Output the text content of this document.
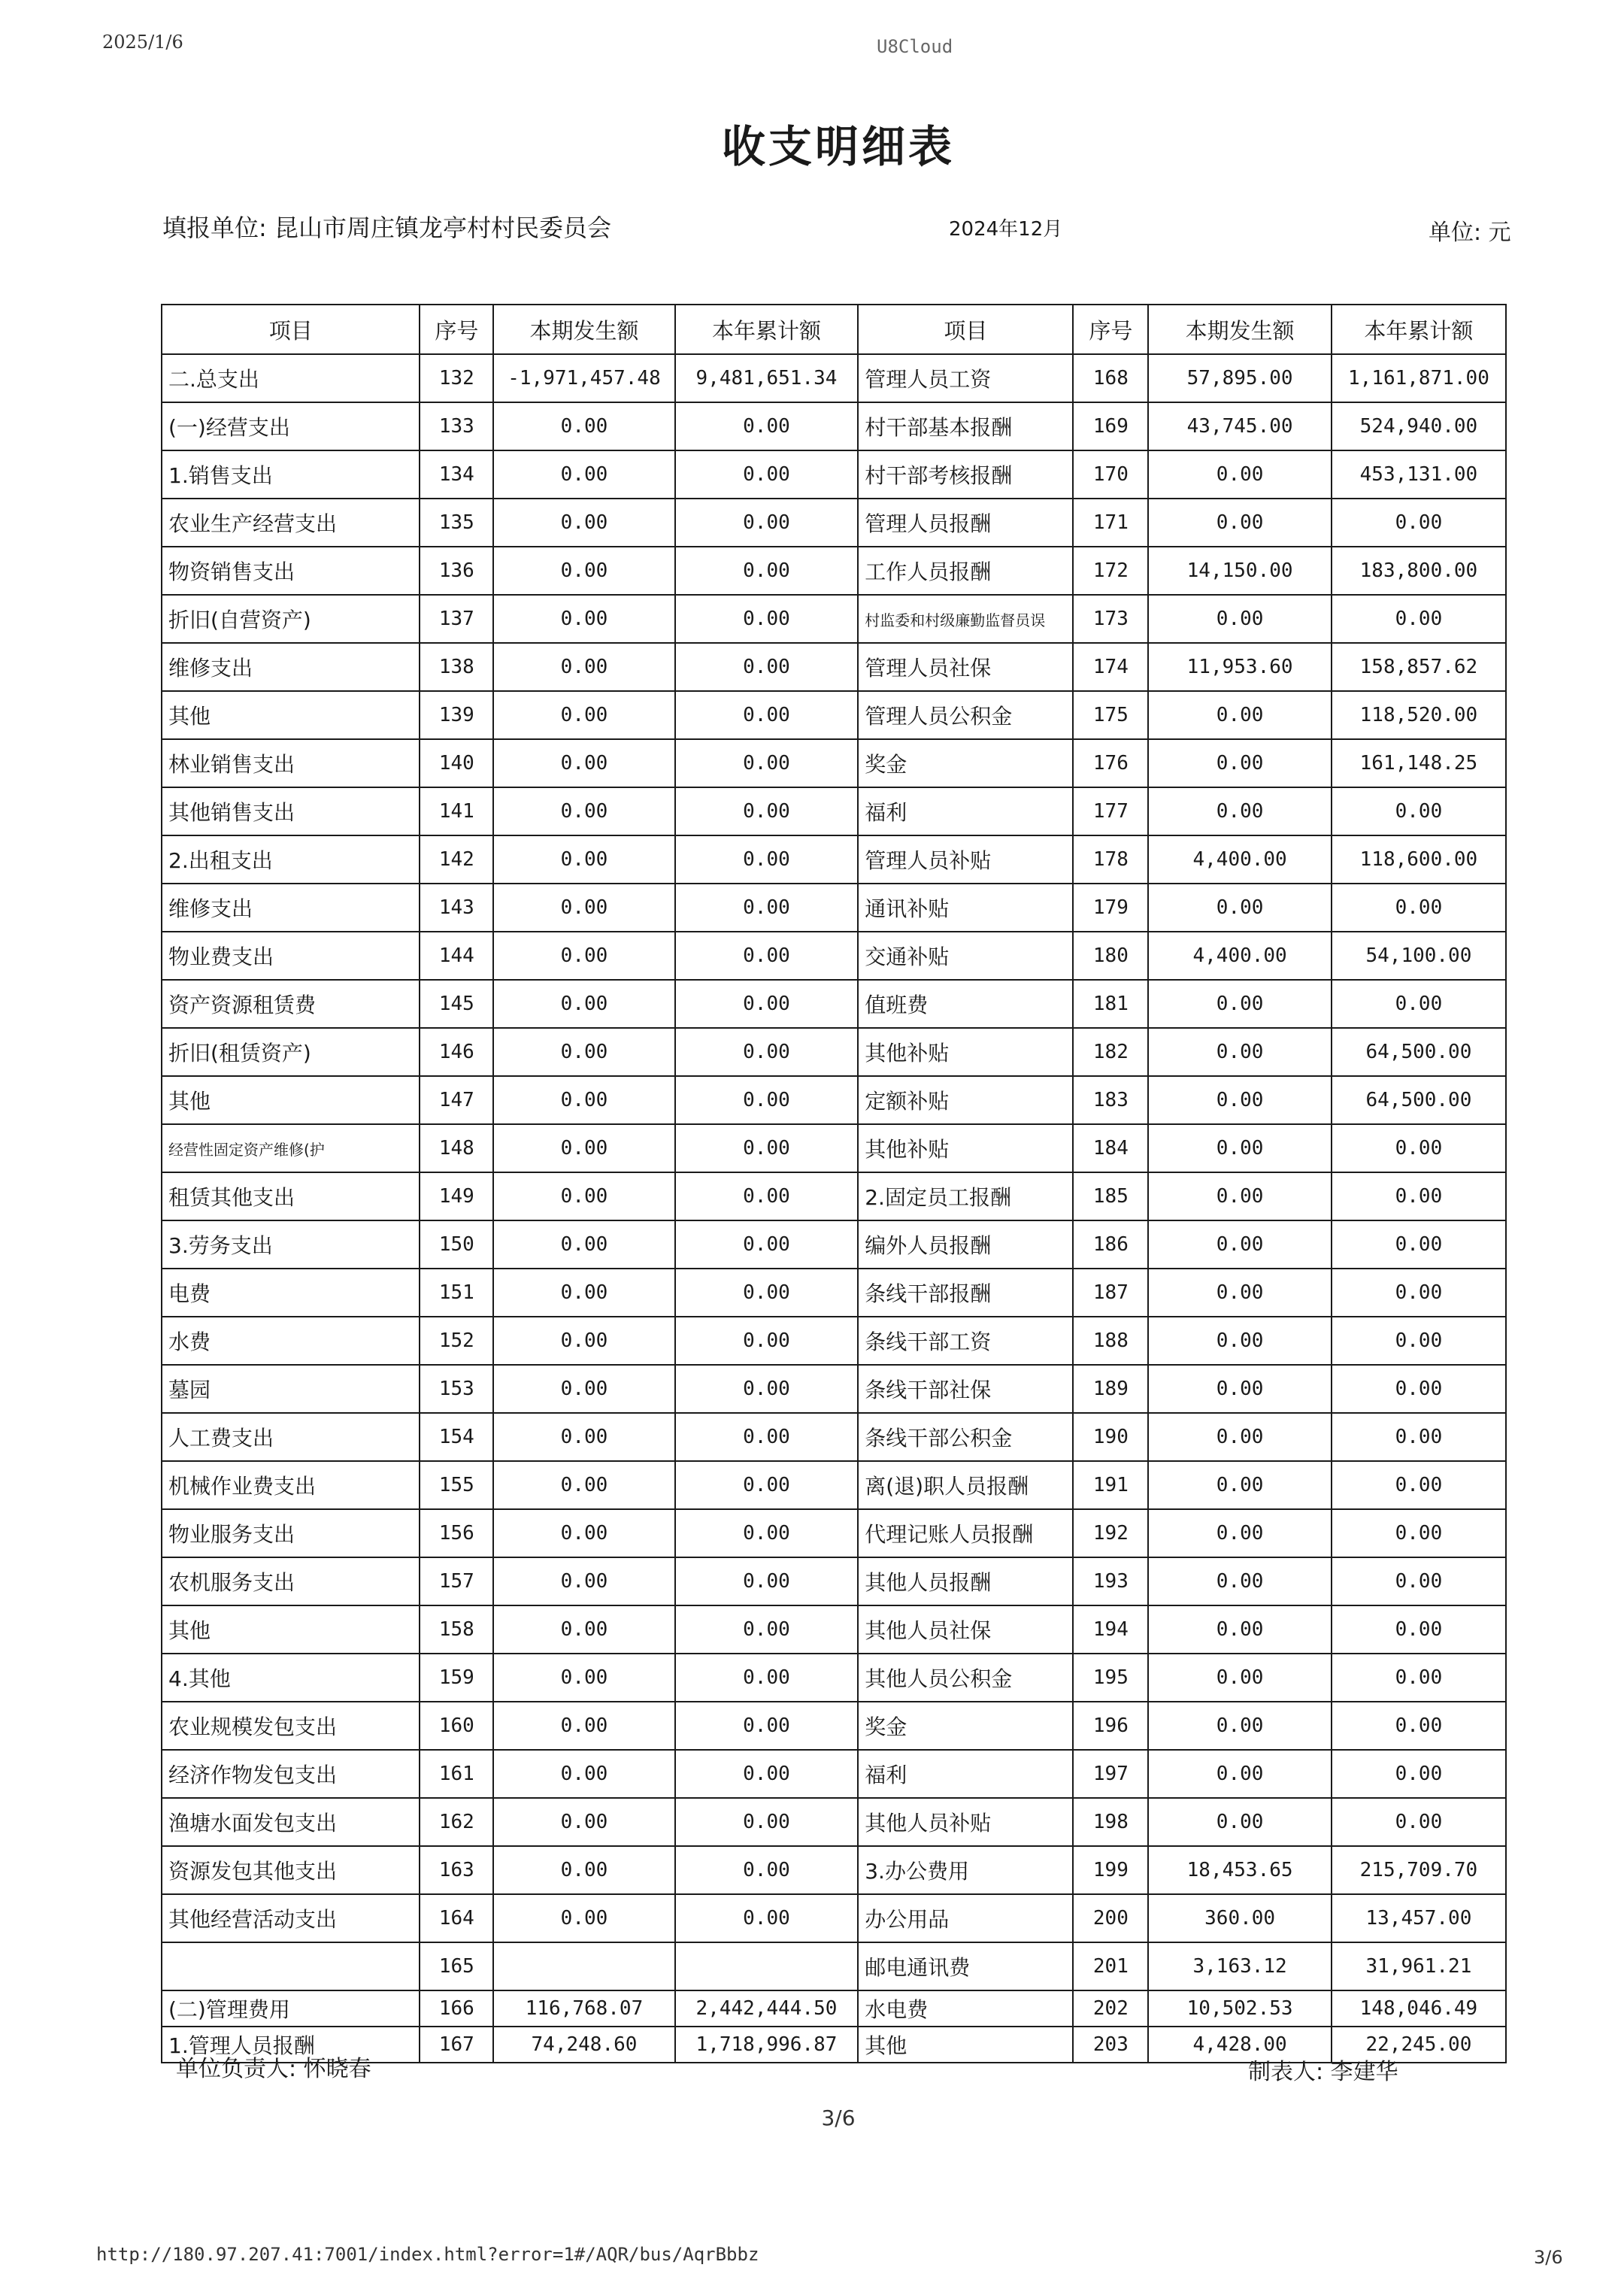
2025/1/6	U8Cloud
收支明细表
填报单位: 昆山市周庄镇龙亭村村民委员会	2024年12月	单位: 元
项目	序号	本期发生额	本年累计额	项目	序号	本期发生额	本年累计额
二.总支出	132	-1,971,457.48	9,481,651.34	管理人员工资	168	57,895.00	1,161,871.00
(一)经营支出	133	0.00	0.00	村干部基本报酬	169	43,745.00	524,940.00
1.销售支出	134	0.00	0.00	村干部考核报酬	170	0.00	453,131.00
农业生产经营支出	135	0.00	0.00	管理人员报酬	171	0.00	0.00
物资销售支出	136	0.00	0.00	工作人员报酬	172	14,150.00	183,800.00
折旧(自营资产)	137	0.00	0.00	村监委和村级廉勤监督员误	173	0.00	0.00
维修支出	138	0.00	0.00	管理人员社保	174	11,953.60	158,857.62
其他	139	0.00	0.00	管理人员公积金	175	0.00	118,520.00
林业销售支出	140	0.00	0.00	奖金	176	0.00	161,148.25
其他销售支出	141	0.00	0.00	福利	177	0.00	0.00
2.出租支出	142	0.00	0.00	管理人员补贴	178	4,400.00	118,600.00
维修支出	143	0.00	0.00	通讯补贴	179	0.00	0.00
物业费支出	144	0.00	0.00	交通补贴	180	4,400.00	54,100.00
资产资源租赁费	145	0.00	0.00	值班费	181	0.00	0.00
折旧(租赁资产)	146	0.00	0.00	其他补贴	182	0.00	64,500.00
其他	147	0.00	0.00	定额补贴	183	0.00	64,500.00
经营性固定资产维修(护	148	0.00	0.00	其他补贴	184	0.00	0.00
租赁其他支出	149	0.00	0.00	2.固定员工报酬	185	0.00	0.00
3.劳务支出	150	0.00	0.00	编外人员报酬	186	0.00	0.00
电费	151	0.00	0.00	条线干部报酬	187	0.00	0.00
水费	152	0.00	0.00	条线干部工资	188	0.00	0.00
墓园	153	0.00	0.00	条线干部社保	189	0.00	0.00
人工费支出	154	0.00	0.00	条线干部公积金	190	0.00	0.00
机械作业费支出	155	0.00	0.00	离(退)职人员报酬	191	0.00	0.00
物业服务支出	156	0.00	0.00	代理记账人员报酬	192	0.00	0.00
农机服务支出	157	0.00	0.00	其他人员报酬	193	0.00	0.00
其他	158	0.00	0.00	其他人员社保	194	0.00	0.00
4.其他	159	0.00	0.00	其他人员公积金	195	0.00	0.00
农业规模发包支出	160	0.00	0.00	奖金	196	0.00	0.00
经济作物发包支出	161	0.00	0.00	福利	197	0.00	0.00
渔塘水面发包支出	162	0.00	0.00	其他人员补贴	198	0.00	0.00
资源发包其他支出	163	0.00	0.00	3.办公费用	199	18,453.65	215,709.70
其他经营活动支出	164	0.00	0.00	办公用品	200	360.00	13,457.00
	165			邮电通讯费	201	3,163.12	31,961.21
(二)管理费用	166	116,768.07	2,442,444.50	水电费	202	10,502.53	148,046.49
1.管理人员报酬	167	74,248.60	1,718,996.87	其他	203	4,428.00	22,245.00
单位负责人: 怀晓春	制表人: 李建华
3/6
http://180.97.207.41:7001/index.html?error=1#/AQR/bus/AqrBbbz	3/6
